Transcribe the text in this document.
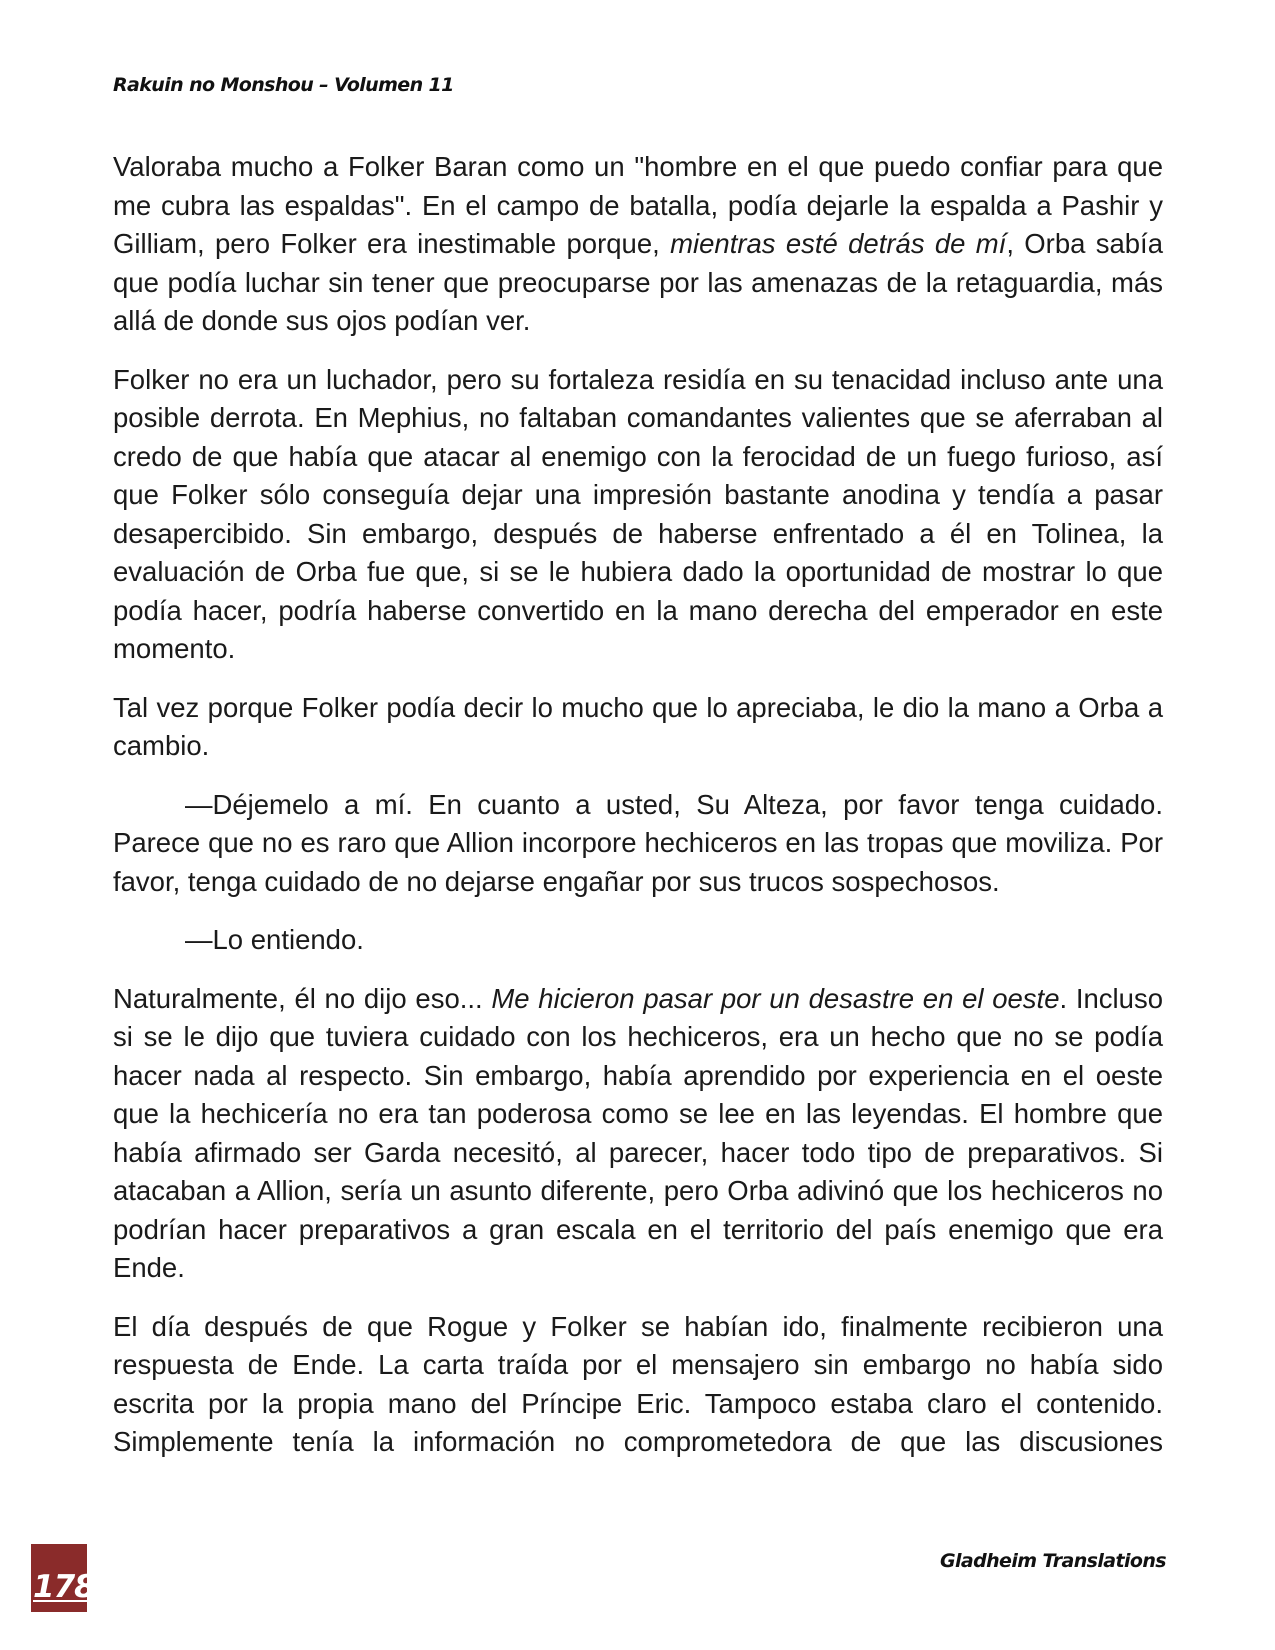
Rakuin no Monshou – Volumen 11

Valoraba mucho a Folker Baran como un "hombre en el que puedo confiar para que me cubra las espaldas". En el campo de batalla, podía dejarle la espalda a Pashir y Gilliam, pero Folker era inestimable porque, mientras esté detrás de mí, Orba sabía que podía luchar sin tener que preocuparse por las amenazas de la retaguardia, más allá de donde sus ojos podían ver.

Folker no era un luchador, pero su fortaleza residía en su tenacidad incluso ante una posible derrota. En Mephius, no faltaban comandantes valientes que se aferraban al credo de que había que atacar al enemigo con la ferocidad de un fuego furioso, así que Folker sólo conseguía dejar una impresión bastante anodina y tendía a pasar desapercibido. Sin embargo, después de haberse enfrentado a él en Tolinea, la evaluación de Orba fue que, si se le hubiera dado la oportunidad de mostrar lo que podía hacer, podría haberse convertido en la mano derecha del emperador en este momento.

Tal vez porque Folker podía decir lo mucho que lo apreciaba, le dio la mano a Orba a cambio.

—Déjemelo a mí. En cuanto a usted, Su Alteza, por favor tenga cuidado. Parece que no es raro que Allion incorpore hechiceros en las tropas que moviliza. Por favor, tenga cuidado de no dejarse engañar por sus trucos sospechosos.

—Lo entiendo.

Naturalmente, él no dijo eso... Me hicieron pasar por un desastre en el oeste. Incluso si se le dijo que tuviera cuidado con los hechiceros, era un hecho que no se podía hacer nada al respecto. Sin embargo, había aprendido por experiencia en el oeste que la hechicería no era tan poderosa como se lee en las leyendas. El hombre que había afirmado ser Garda necesitó, al parecer, hacer todo tipo de preparativos. Si atacaban a Allion, sería un asunto diferente, pero Orba adivinó que los hechiceros no podrían hacer preparativos a gran escala en el territorio del país enemigo que era Ende.

El día después de que Rogue y Folker se habían ido, finalmente recibieron una respuesta de Ende. La carta traída por el mensajero sin embargo no había sido escrita por la propia mano del Príncipe Eric. Tampoco estaba claro el contenido. Simplemente tenía la información no comprometedora de que las discusiones

178
Gladheim Translations
